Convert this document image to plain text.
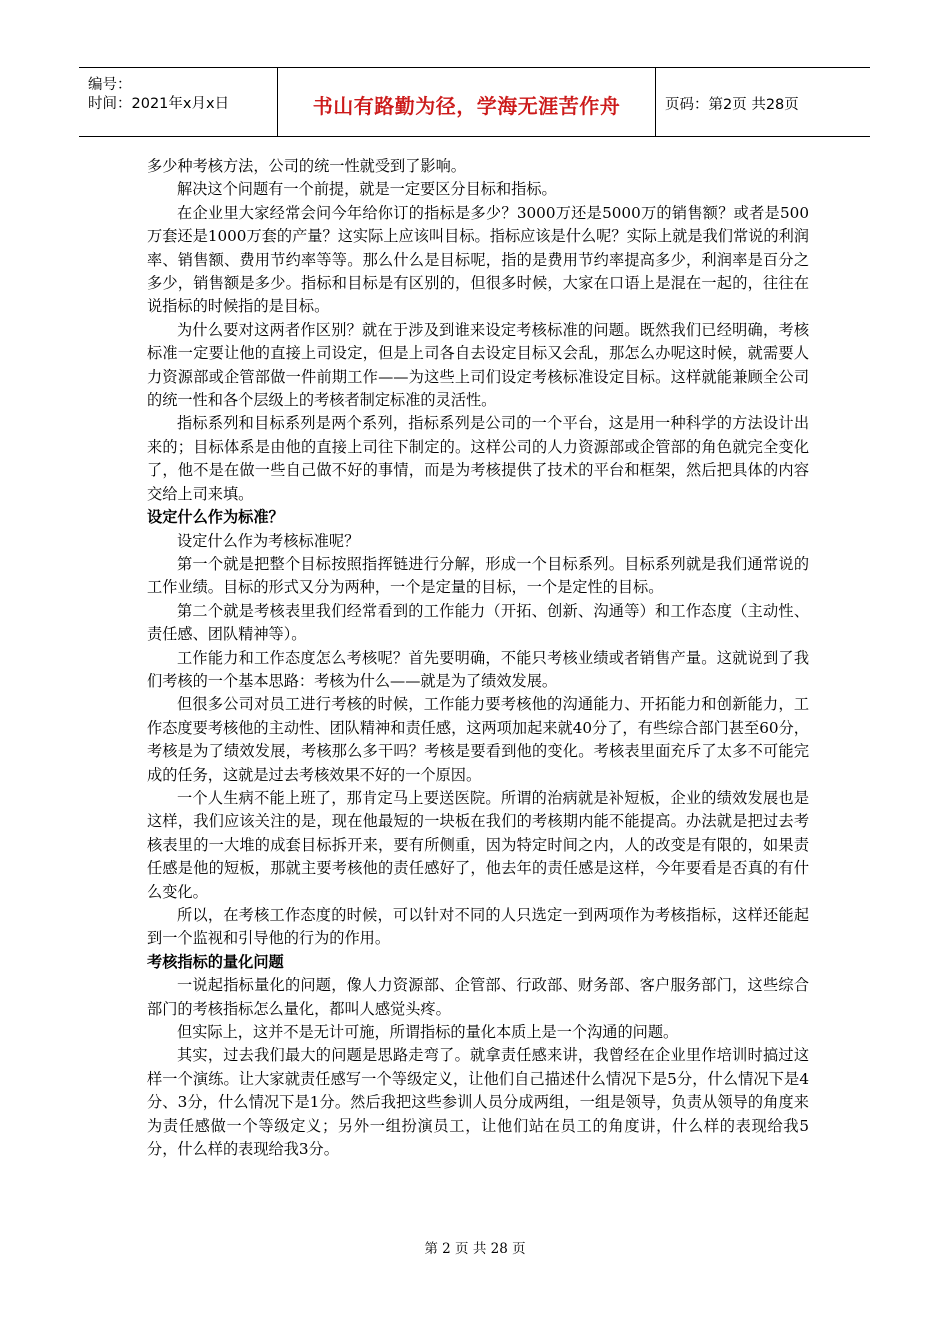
编号：
时间：2021年x月x日	书山有路勤为径，学海无涯苦作舟	页码：第2页 共28页

多少种考核方法，公司的统一性就受到了影响。

解决这个问题有一个前提，就是一定要区分目标和指标。

在企业里大家经常会问今年给你订的指标是多少？3000万还是5000万的销售额？或者是500万套还是1000万套的产量？这实际上应该叫目标。指标应该是什么呢？实际上就是我们常说的利润率、销售额、费用节约率等等。那么什么是目标呢，指的是费用节约率提高多少，利润率是百分之多少，销售额是多少。指标和目标是有区别的，但很多时候，大家在口语上是混在一起的，往往在说指标的时候指的是目标。

为什么要对这两者作区别？就在于涉及到谁来设定考核标准的问题。既然我们已经明确，考核标准一定要让他的直接上司设定，但是上司各自去设定目标又会乱，那怎么办呢这时候，就需要人力资源部或企管部做一件前期工作——为这些上司们设定考核标准设定目标。这样就能兼顾全公司的统一性和各个层级上的考核者制定标准的灵活性。

指标系列和目标系列是两个系列，指标系列是公司的一个平台，这是用一种科学的方法设计出来的；目标体系是由他的直接上司往下制定的。这样公司的人力资源部或企管部的角色就完全变化了，他不是在做一些自己做不好的事情，而是为考核提供了技术的平台和框架，然后把具体的内容交给上司来填。

设定什么作为标准？

设定什么作为考核标准呢？

第一个就是把整个目标按照指挥链进行分解，形成一个目标系列。目标系列就是我们通常说的工作业绩。目标的形式又分为两种，一个是定量的目标，一个是定性的目标。

第二个就是考核表里我们经常看到的工作能力（开拓、创新、沟通等）和工作态度（主动性、责任感、团队精神等）。

工作能力和工作态度怎么考核呢？首先要明确，不能只考核业绩或者销售产量。这就说到了我们考核的一个基本思路：考核为什么——就是为了绩效发展。

但很多公司对员工进行考核的时候，工作能力要考核他的沟通能力、开拓能力和创新能力，工作态度要考核他的主动性、团队精神和责任感，这两项加起来就40分了，有些综合部门甚至60分，考核是为了绩效发展，考核那么多干吗？考核是要看到他的变化。考核表里面充斥了太多不可能完成的任务，这就是过去考核效果不好的一个原因。

一个人生病不能上班了，那肯定马上要送医院。所谓的治病就是补短板，企业的绩效发展也是这样，我们应该关注的是，现在他最短的一块板在我们的考核期内能不能提高。办法就是把过去考核表里的一大堆的成套目标拆开来，要有所侧重，因为特定时间之内，人的改变是有限的，如果责任感是他的短板，那就主要考核他的责任感好了，他去年的责任感是这样，今年要看是否真的有什么变化。

所以，在考核工作态度的时候，可以针对不同的人只选定一到两项作为考核指标，这样还能起到一个监视和引导他的行为的作用。

考核指标的量化问题

一说起指标量化的问题，像人力资源部、企管部、行政部、财务部、客户服务部门，这些综合部门的考核指标怎么量化，都叫人感觉头疼。

但实际上，这并不是无计可施，所谓指标的量化本质上是一个沟通的问题。

其实，过去我们最大的问题是思路走弯了。就拿责任感来讲，我曾经在企业里作培训时搞过这样一个演练。让大家就责任感写一个等级定义，让他们自己描述什么情况下是5分，什么情况下是4分、3分，什么情况下是1分。然后我把这些参训人员分成两组，一组是领导，负责从领导的角度来为责任感做一个等级定义；另外一组扮演员工，让他们站在员工的角度讲，什么样的表现给我5分，什么样的表现给我3分。

第 2 页 共 28 页
